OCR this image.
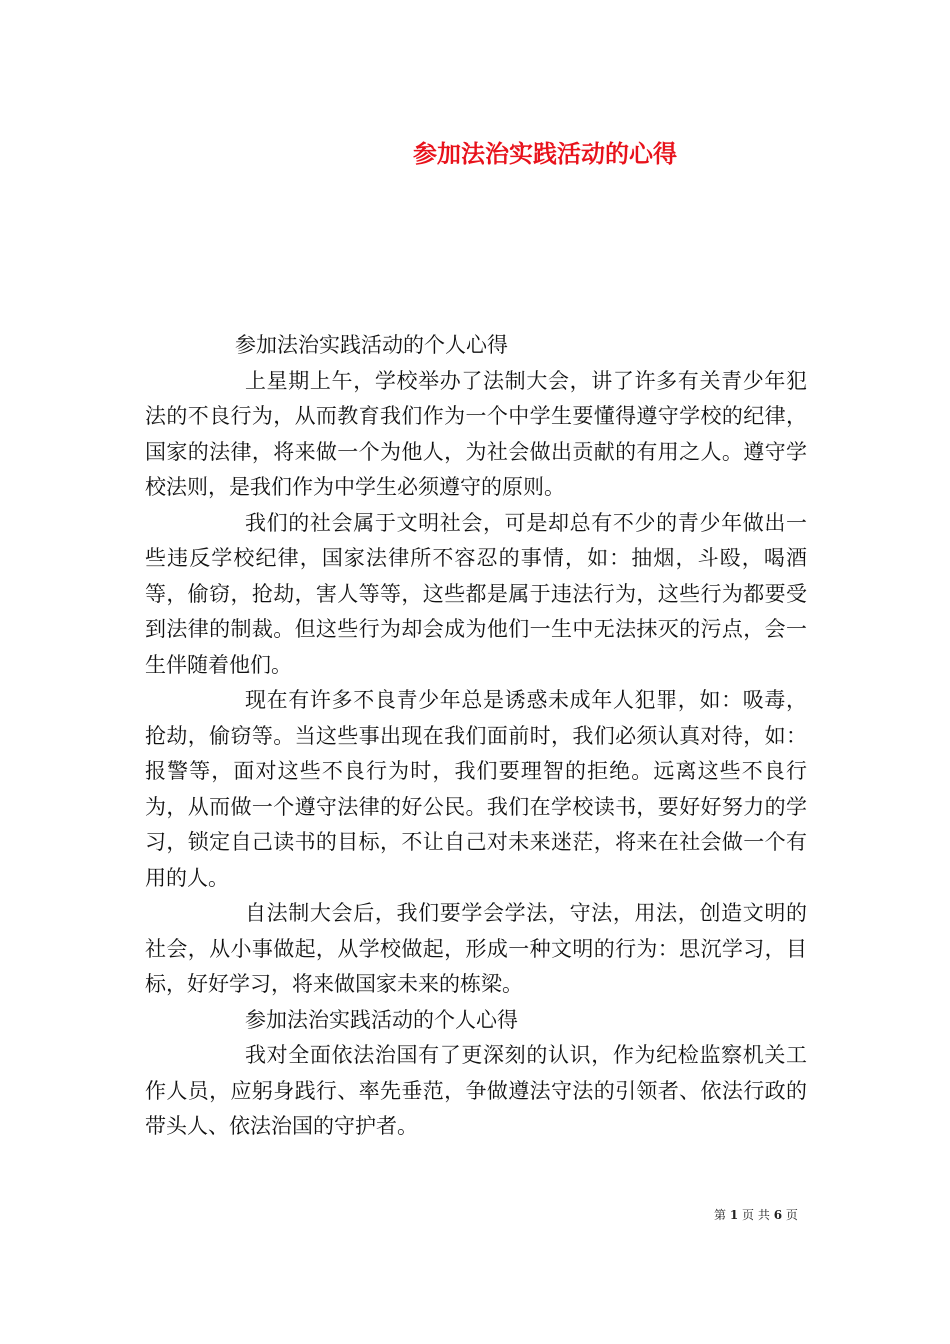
参加法治实践活动的心得

参加法治实践活动的个人心得

上星期上午，学校举办了法制大会，讲了许多有关青少年犯法的不良行为，从而教育我们作为一个中学生要懂得遵守学校的纪律，国家的法律，将来做一个为他人，为社会做出贡献的有用之人。遵守学校法则，是我们作为中学生必须遵守的原则。

我们的社会属于文明社会，可是却总有不少的青少年做出一些违反学校纪律，国家法律所不容忍的事情，如：抽烟，斗殴，喝酒等，偷窃，抢劫，害人等等，这些都是属于违法行为，这些行为都要受到法律的制裁。但这些行为却会成为他们一生中无法抹灭的污点，会一生伴随着他们。

现在有许多不良青少年总是诱惑未成年人犯罪，如：吸毒，抢劫，偷窃等。当这些事出现在我们面前时，我们必须认真对待，如：报警等，面对这些不良行为时，我们要理智的拒绝。远离这些不良行为，从而做一个遵守法律的好公民。我们在学校读书，要好好努力的学习，锁定自己读书的目标，不让自己对未来迷茫，将来在社会做一个有用的人。

自法制大会后，我们要学会学法，守法，用法，创造文明的社会，从小事做起，从学校做起，形成一种文明的行为：思沉学习，目标，好好学习，将来做国家未来的栋梁。

参加法治实践活动的个人心得

我对全面依法治国有了更深刻的认识，作为纪检监察机关工作人员，应躬身践行、率先垂范，争做遵法守法的引领者、依法行政的带头人、依法治国的守护者。

第 1 页 共 6 页
